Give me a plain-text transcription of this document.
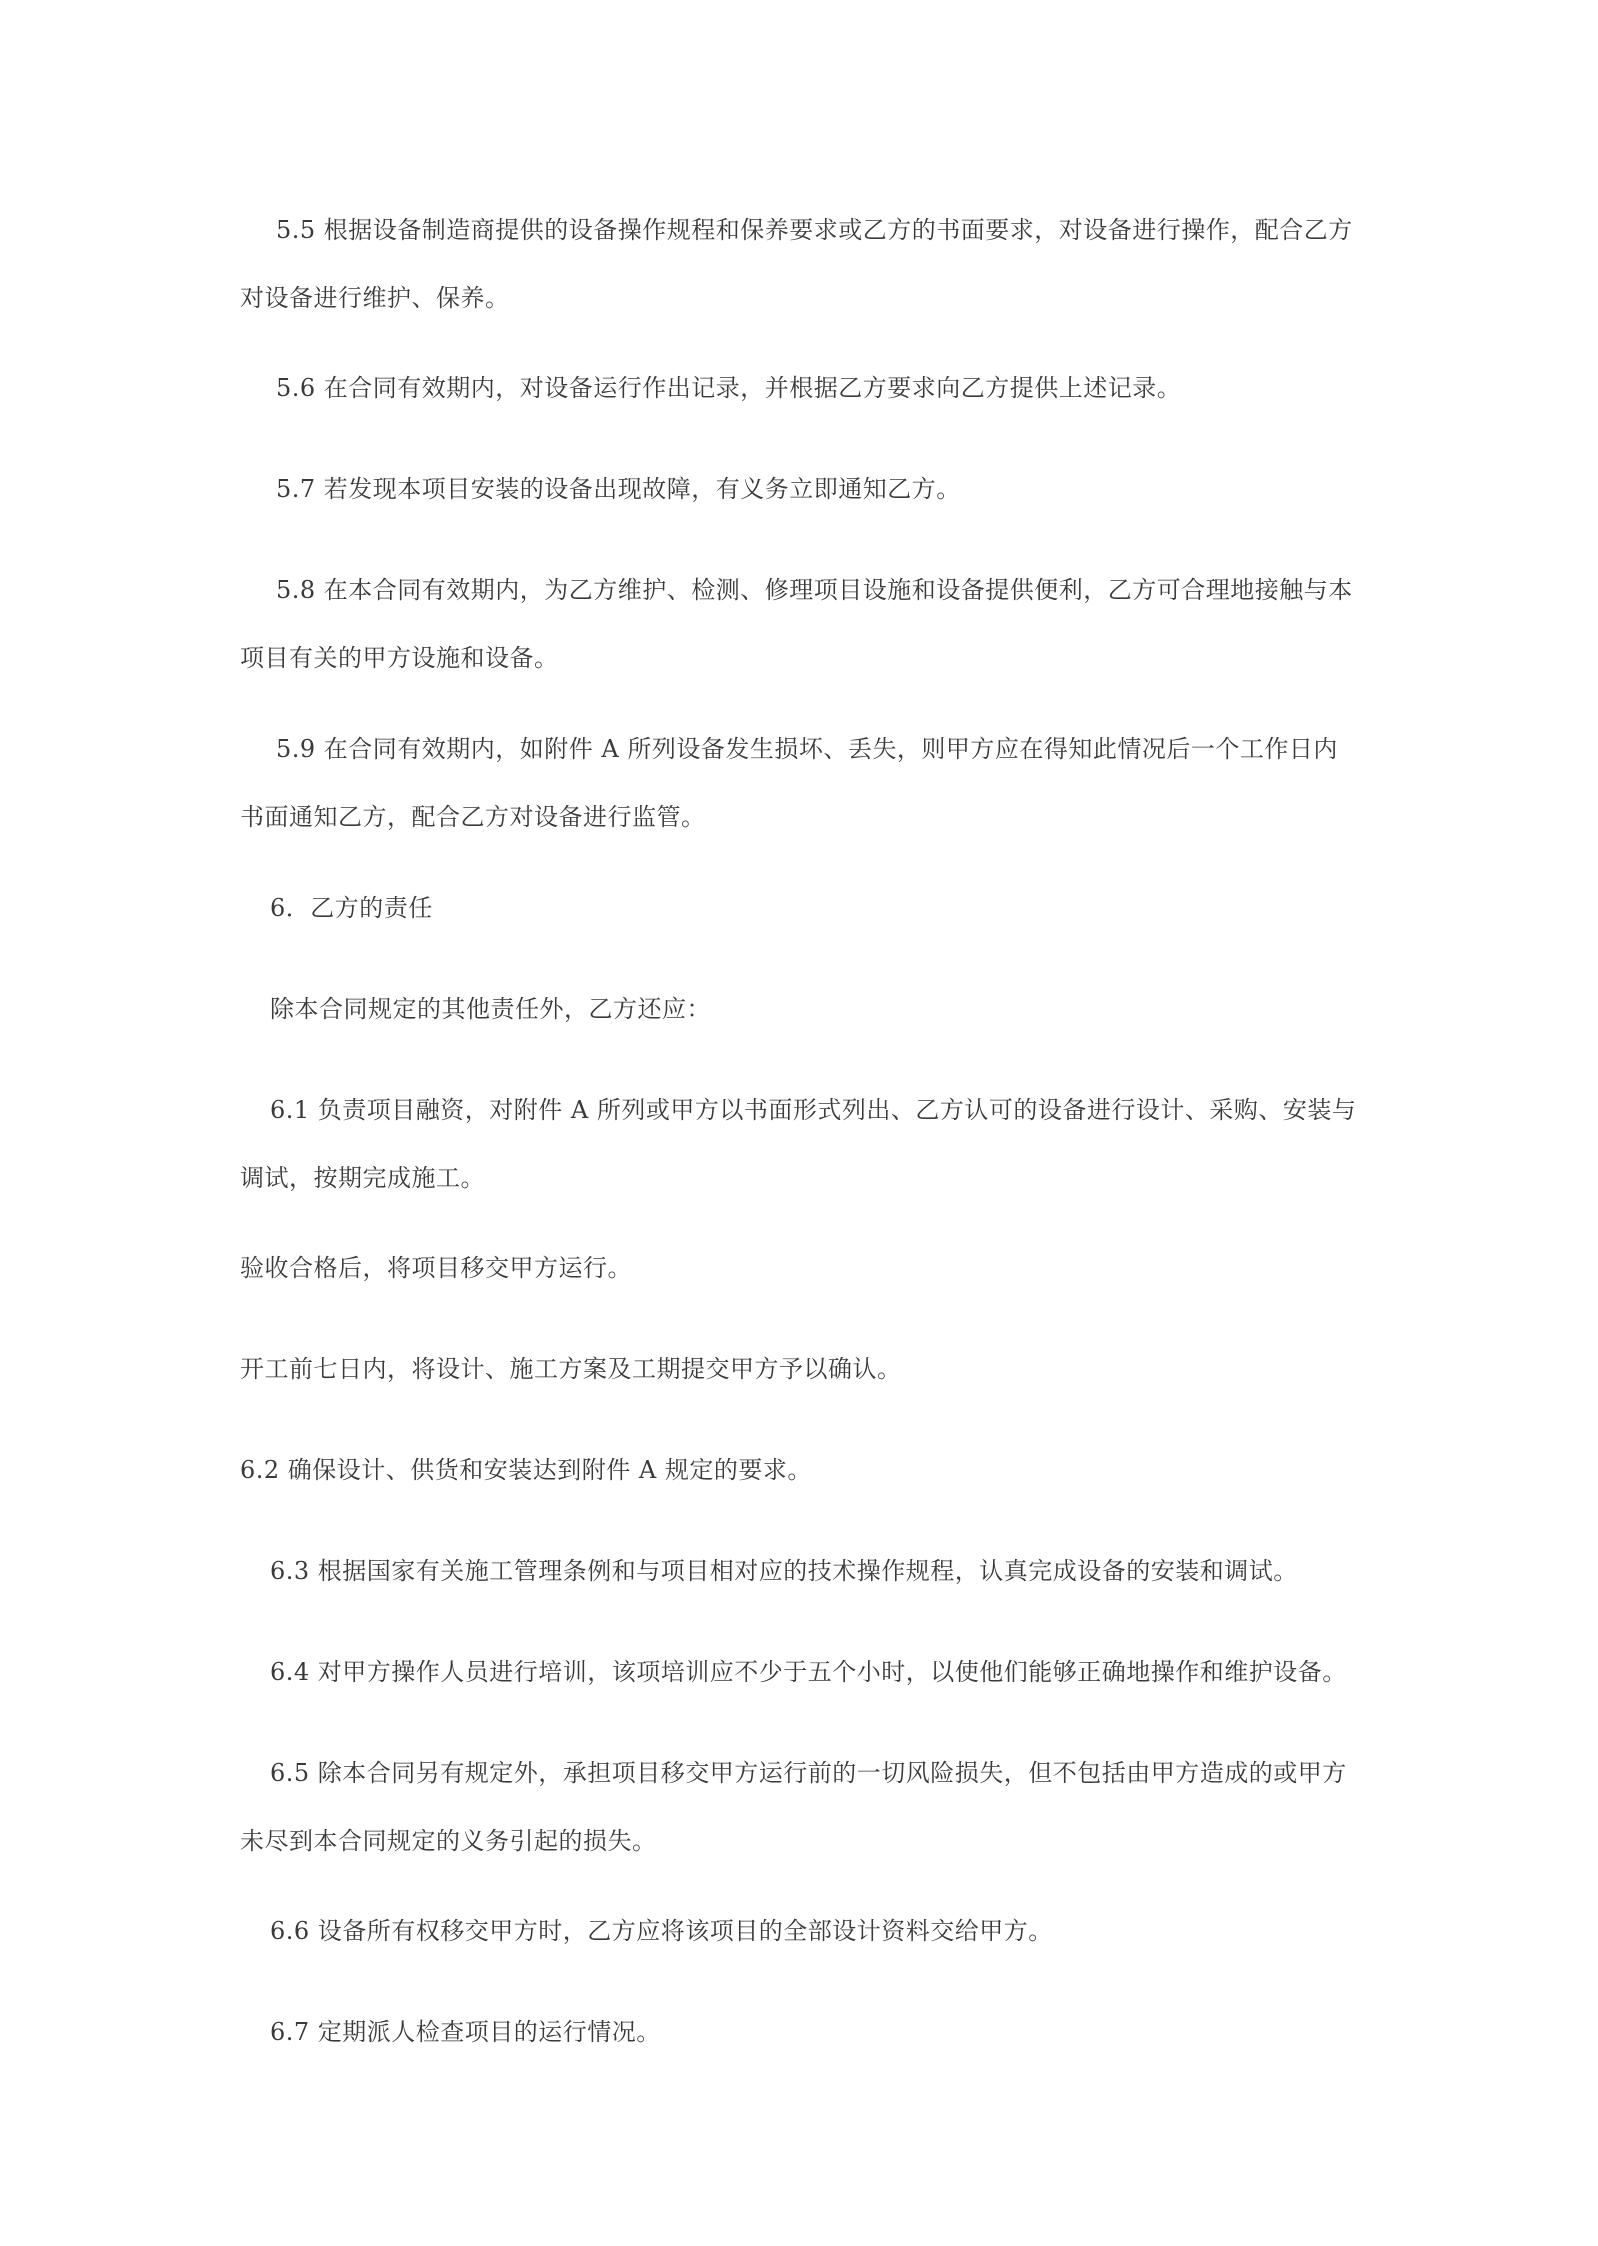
5.5 根据设备制造商提供的设备操作规程和保养要求或乙方的书面要求，对设备进行操作，配合乙方对设备进行维护、保养。

5.6 在合同有效期内，对设备运行作出记录，并根据乙方要求向乙方提供上述记录。

5.7 若发现本项目安装的设备出现故障，有义务立即通知乙方。

5.8 在本合同有效期内，为乙方维护、检测、修理项目设施和设备提供便利，乙方可合理地接触与本项目有关的甲方设施和设备。

5.9 在合同有效期内，如附件 A 所列设备发生损坏、丢失，则甲方应在得知此情况后一个工作日内书面通知乙方，配合乙方对设备进行监管。

6．乙方的责任

除本合同规定的其他责任外，乙方还应：

6.1 负责项目融资，对附件 A 所列或甲方以书面形式列出、乙方认可的设备进行设计、采购、安装与调试，按期完成施工。

验收合格后，将项目移交甲方运行。

开工前七日内，将设计、施工方案及工期提交甲方予以确认。

6.2 确保设计、供货和安装达到附件 A 规定的要求。

6.3 根据国家有关施工管理条例和与项目相对应的技术操作规程，认真完成设备的安装和调试。

6.4 对甲方操作人员进行培训，该项培训应不少于五个小时，以使他们能够正确地操作和维护设备。

6.5 除本合同另有规定外，承担项目移交甲方运行前的一切风险损失，但不包括由甲方造成的或甲方未尽到本合同规定的义务引起的损失。

6.6 设备所有权移交甲方时，乙方应将该项目的全部设计资料交给甲方。

6.7 定期派人检查项目的运行情况。
